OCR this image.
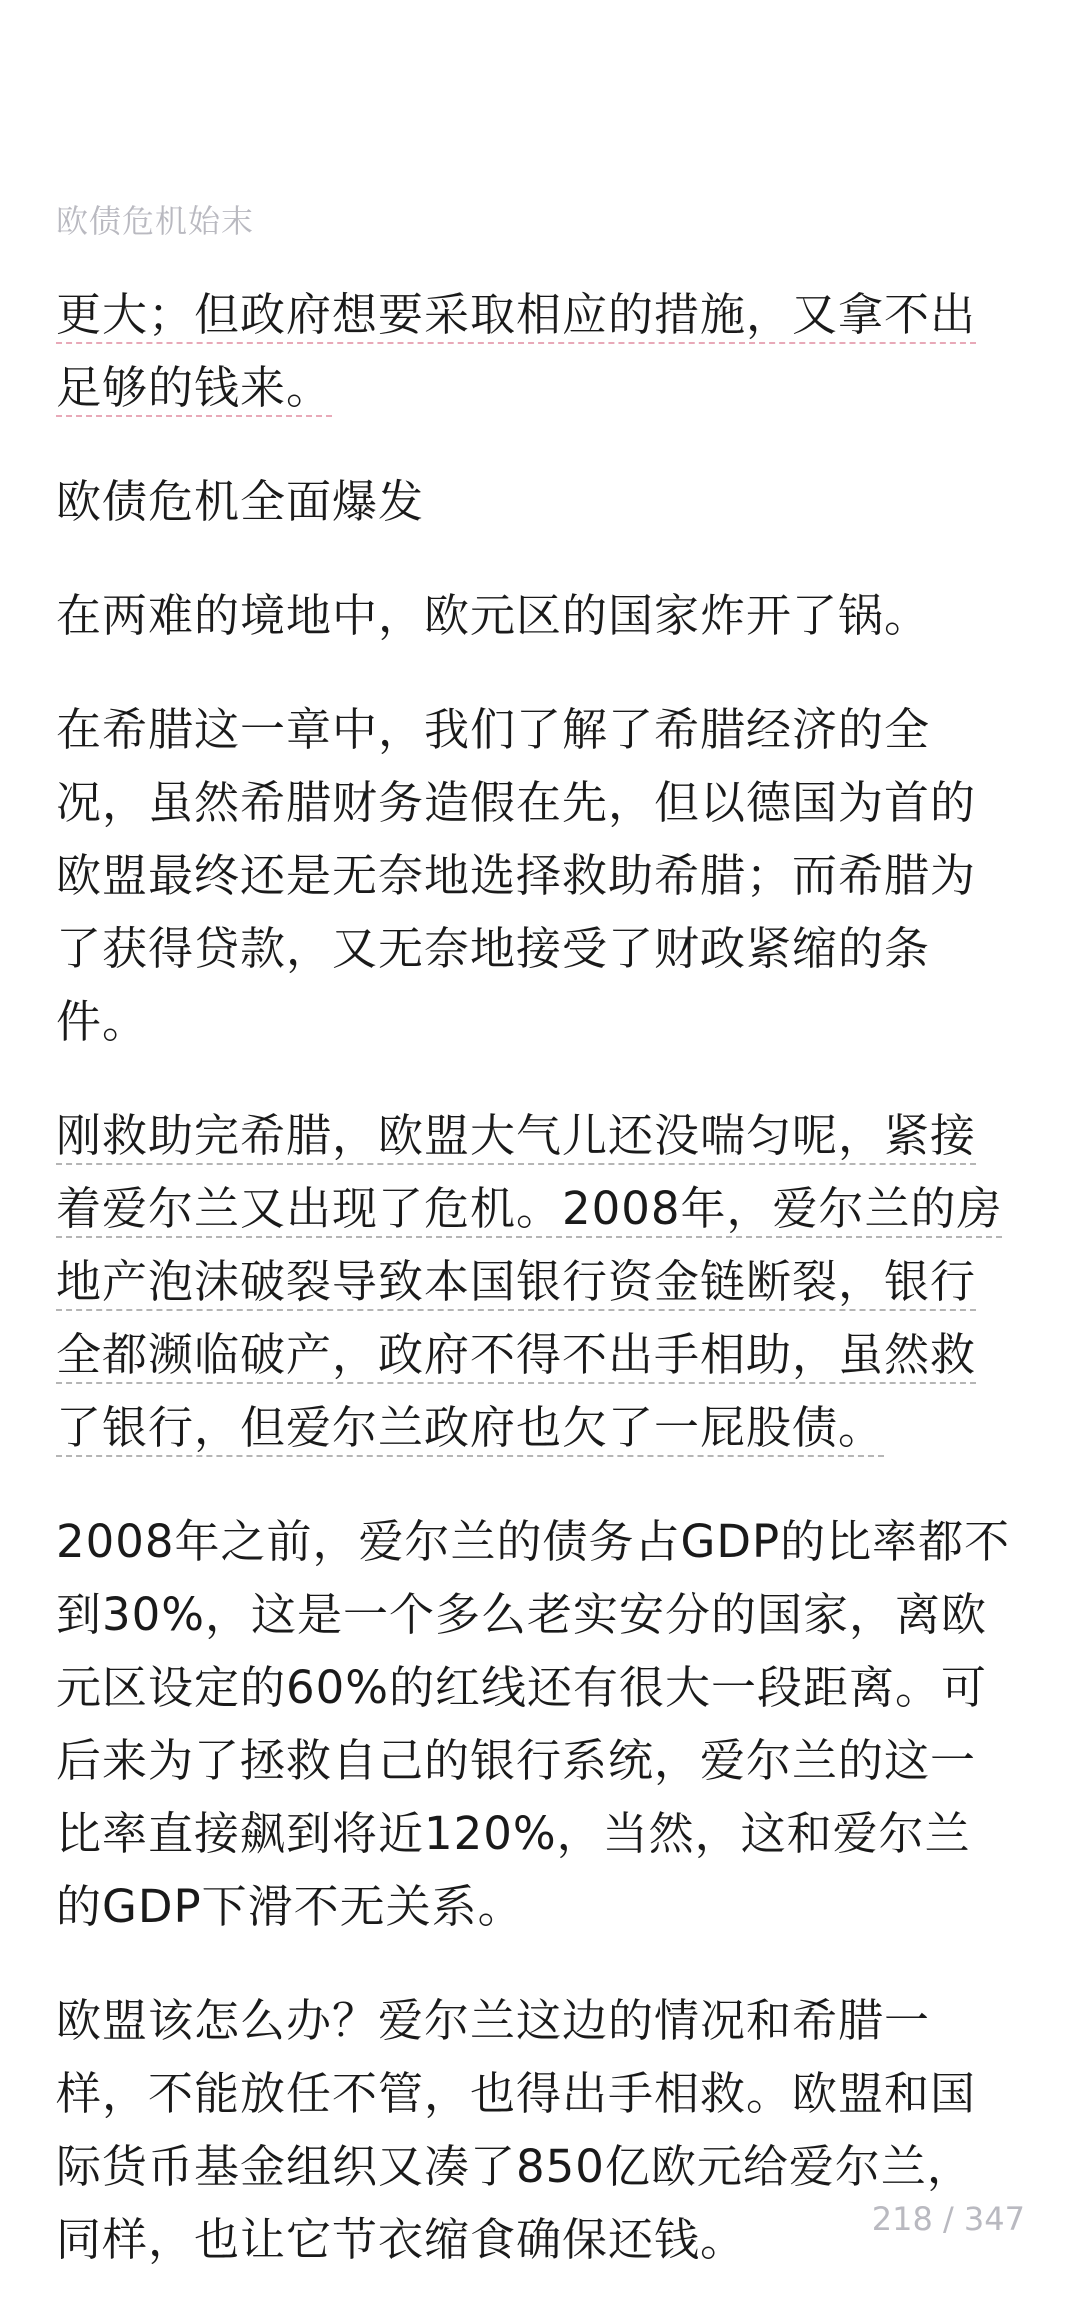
欧债危机始末

更大；但政府想要采取相应的措施，又拿不出足够的钱来。

欧债危机全面爆发

在两难的境地中，欧元区的国家炸开了锅。

在希腊这一章中，我们了解了希腊经济的全况，虽然希腊财务造假在先，但以德国为首的欧盟最终还是无奈地选择救助希腊；而希腊为了获得贷款，又无奈地接受了财政紧缩的条件。

刚救助完希腊，欧盟大气儿还没喘匀呢，紧接着爱尔兰又出现了危机。2008年，爱尔兰的房地产泡沫破裂导致本国银行资金链断裂，银行全都濒临破产，政府不得不出手相助，虽然救了银行，但爱尔兰政府也欠了一屁股债。

2008年之前，爱尔兰的债务占GDP的比率都不到30%，这是一个多么老实安分的国家，离欧元区设定的60%的红线还有很大一段距离。可后来为了拯救自己的银行系统，爱尔兰的这一比率直接飙到将近120%，当然，这和爱尔兰的GDP下滑不无关系。

欧盟该怎么办？爱尔兰这边的情况和希腊一样，不能放任不管，也得出手相救。欧盟和国际货币基金组织又凑了850亿欧元给爱尔兰，同样，也让它节衣缩食确保还钱。	218 / 347
